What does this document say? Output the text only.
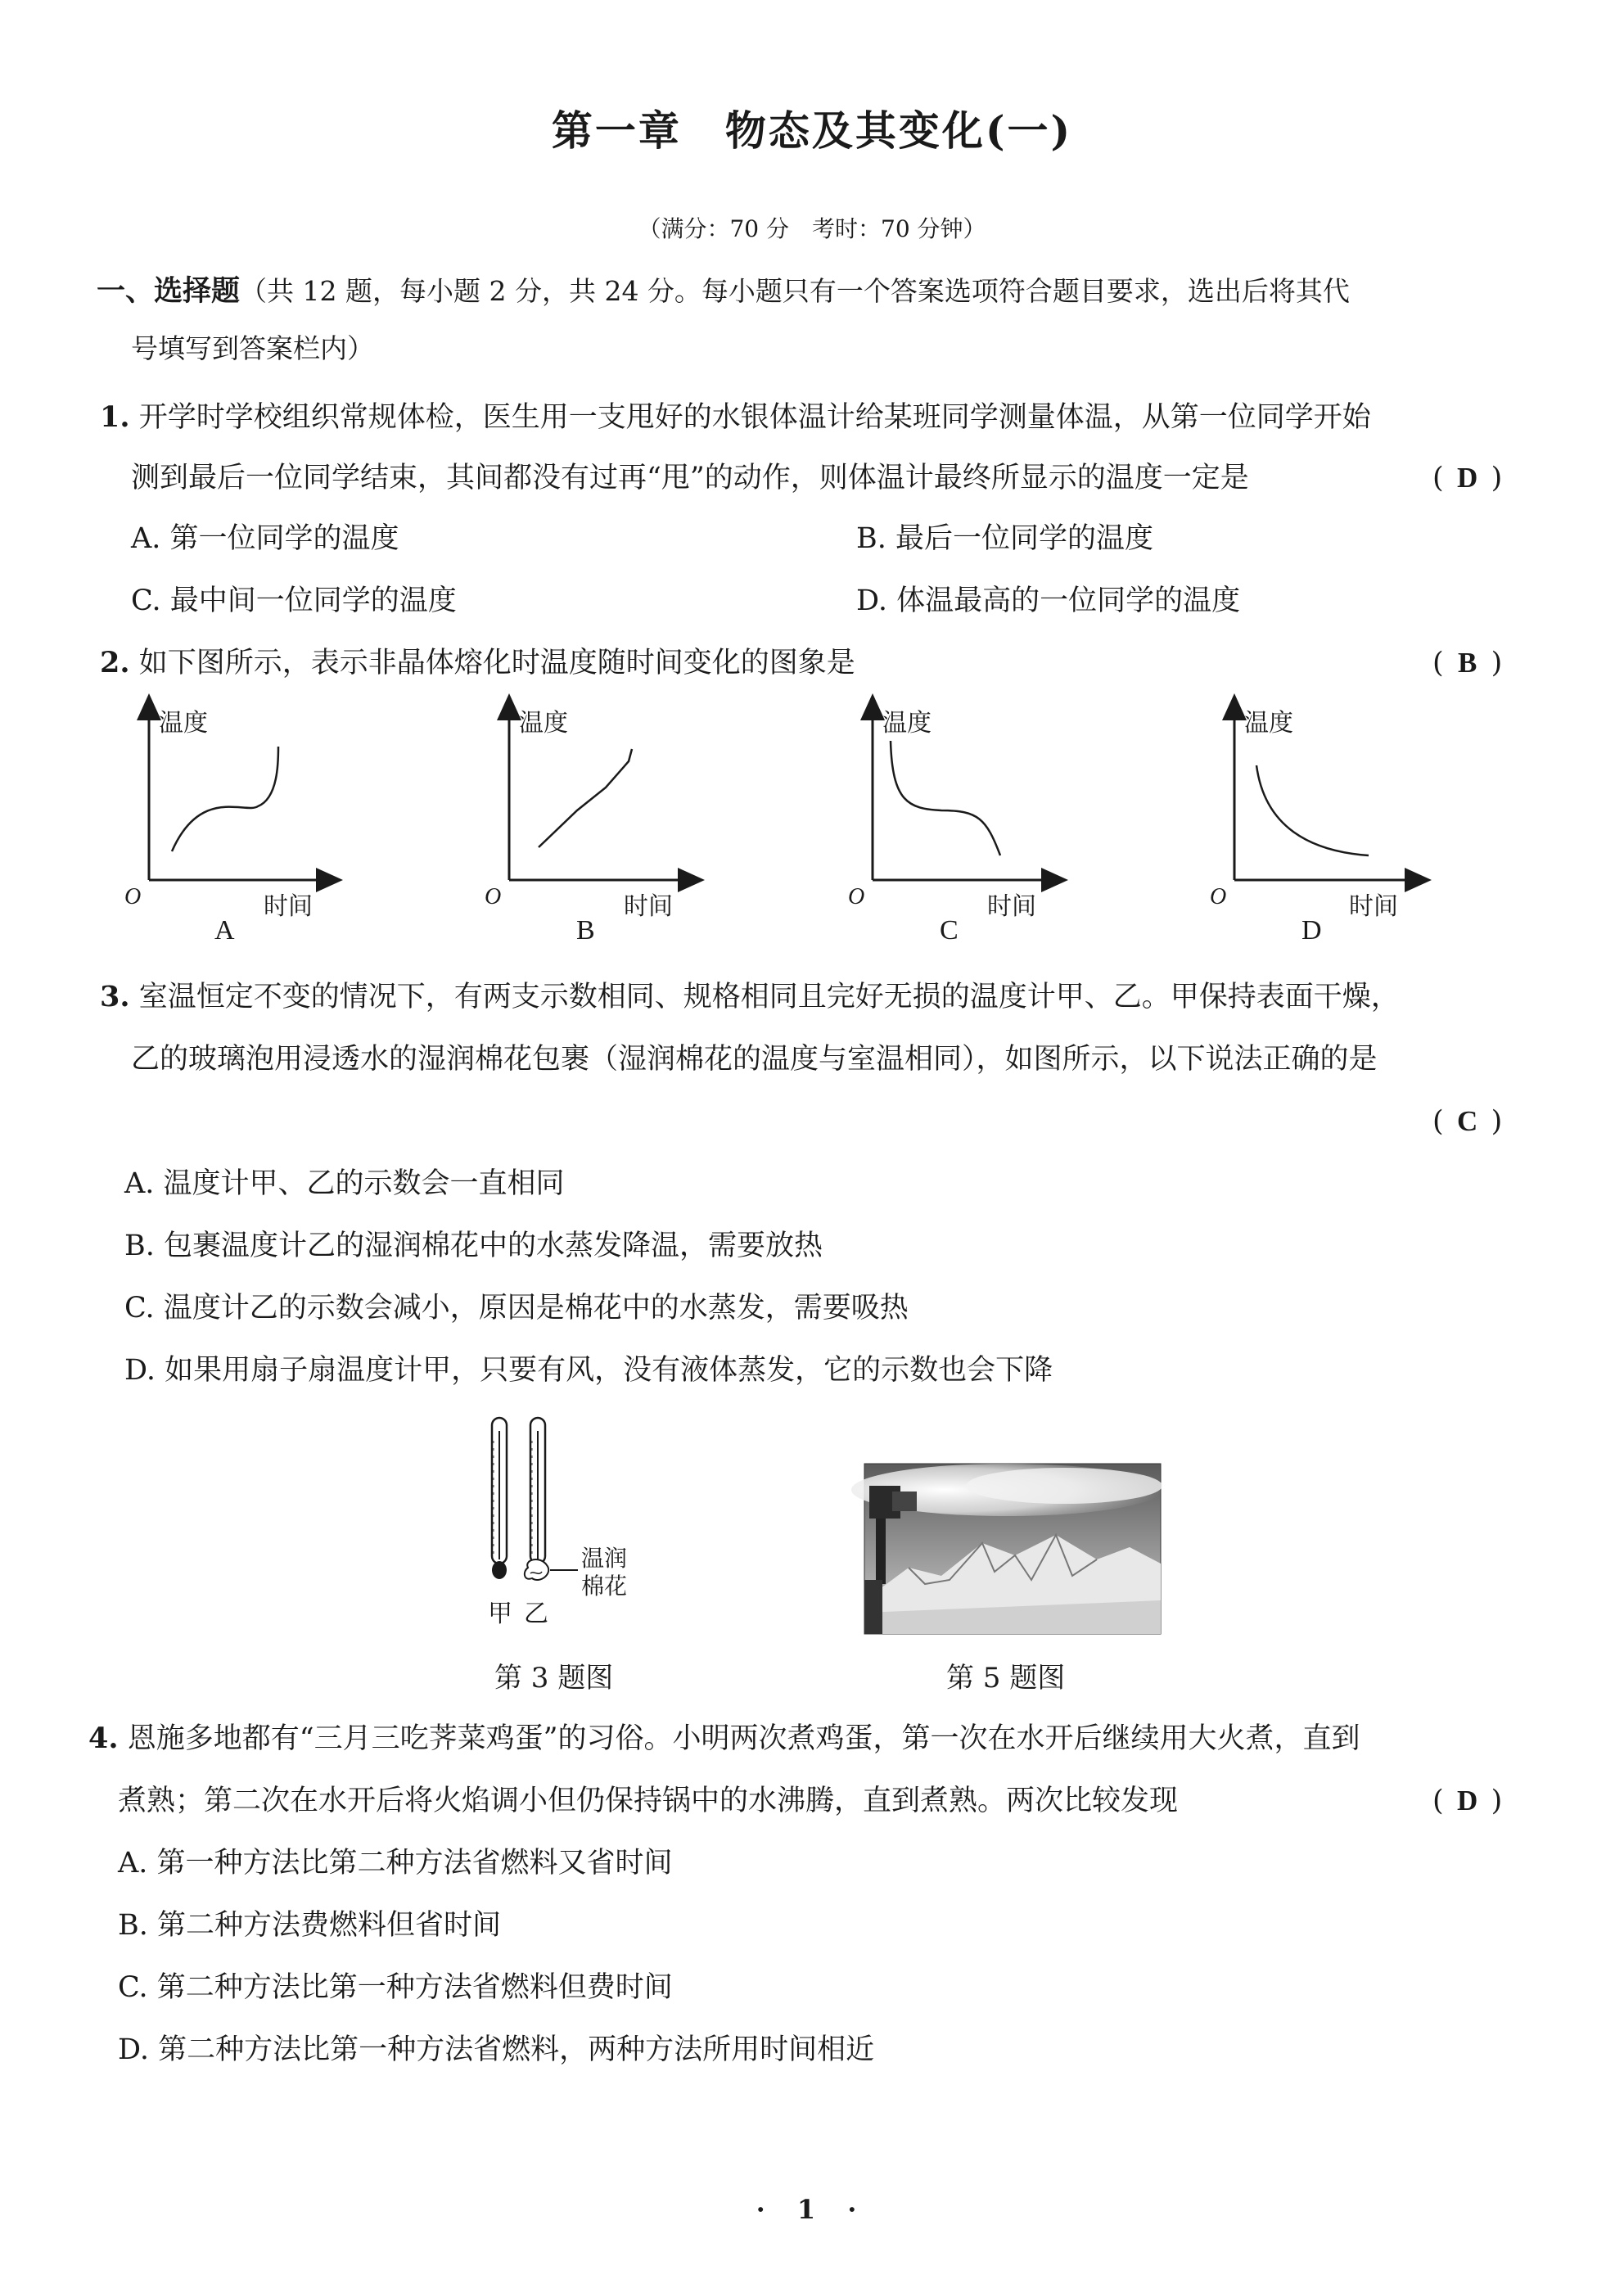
第一章　物态及其变化(一)
（满分：70 分　考时：70 分钟）
一、选择题（共 12 题，每小题 2 分，共 24 分。每小题只有一个答案选项符合题目要求，选出后将其代
号填写到答案栏内）
1. 开学时学校组织常规体检，医生用一支甩好的水银体温计给某班同学测量体温，从第一位同学开始
测到最后一位同学结束，其间都没有过再“甩”的动作，则体温计最终所显示的温度一定是	( D )
A. 第一位同学的温度	B. 最后一位同学的温度
C. 最中间一位同学的温度	D. 体温最高的一位同学的温度
2. 如下图所示，表示非晶体熔化时温度随时间变化的图象是	( B )
温度
O	时间
A
温度
O	时间
B
温度
O	时间
C
温度
O	时间
D
3. 室温恒定不变的情况下，有两支示数相同、规格相同且完好无损的温度计甲、乙。甲保持表面干燥，
乙的玻璃泡用浸透水的湿润棉花包裹（湿润棉花的温度与室温相同），如图所示，以下说法正确的是
( C )
A. 温度计甲、乙的示数会一直相同
B. 包裹温度计乙的湿润棉花中的水蒸发降温，需要放热
C. 温度计乙的示数会减小，原因是棉花中的水蒸发，需要吸热
D. 如果用扇子扇温度计甲，只要有风，没有液体蒸发，它的示数也会下降
温润
棉花
甲 乙
第 3 题图	第 5 题图
4. 恩施多地都有“三月三吃荠菜鸡蛋”的习俗。小明两次煮鸡蛋，第一次在水开后继续用大火煮，直到
煮熟；第二次在水开后将火焰调小但仍保持锅中的水沸腾，直到煮熟。两次比较发现	( D )
A. 第一种方法比第二种方法省燃料又省时间
B. 第二种方法费燃料但省时间
C. 第二种方法比第一种方法省燃料但费时间
D. 第二种方法比第一种方法省燃料，两种方法所用时间相近
· 1 ·
